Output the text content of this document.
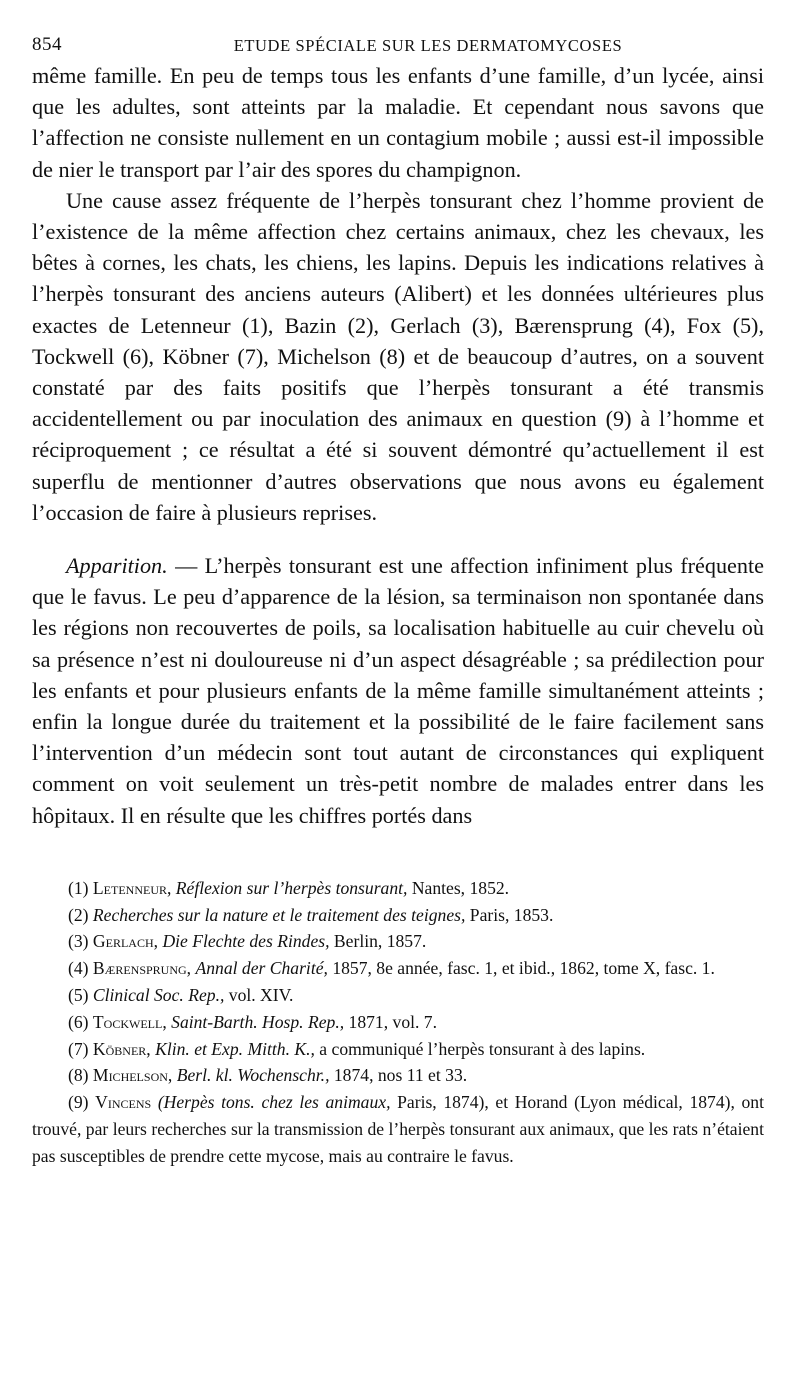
854	ETUDE SPÉCIALE SUR LES DERMATOMYCOSES

même famille. En peu de temps tous les enfants d’une famille, d’un lycée, ainsi que les adultes, sont atteints par la maladie. Et cependant nous savons que l’affection ne consiste nullement en un contagium mobile ; aussi est-il impossible de nier le transport par l’air des spores du champignon.

Une cause assez fréquente de l’herpès tonsurant chez l’homme provient de l’existence de la même affection chez certains animaux, chez les chevaux, les bêtes à cornes, les chats, les chiens, les lapins. Depuis les indications relatives à l’herpès tonsurant des anciens auteurs (Alibert) et les données ultérieures plus exactes de Letenneur (1), Bazin (2), Gerlach (3), Bærensprung (4), Fox (5), Tockwell (6), Köbner (7), Michelson (8) et de beaucoup d’autres, on a souvent constaté par des faits positifs que l’herpès tonsurant a été transmis accidentellement ou par inoculation des animaux en question (9) à l’homme et réciproquement ; ce résultat a été si souvent démontré qu’actuellement il est superflu de mentionner d’autres observations que nous avons eu également l’occasion de faire à plusieurs reprises.

Apparition. — L’herpès tonsurant est une affection infiniment plus fréquente que le favus. Le peu d’apparence de la lésion, sa terminaison non spontanée dans les régions non recouvertes de poils, sa localisation habituelle au cuir chevelu où sa présence n’est ni douloureuse ni d’un aspect désagréable ; sa prédilection pour les enfants et pour plusieurs enfants de la même famille simultanément atteints ; enfin la longue durée du traitement et la possibilité de le faire facilement sans l’intervention d’un médecin sont tout autant de circonstances qui expliquent comment on voit seulement un très-petit nombre de malades entrer dans les hôpitaux. Il en résulte que les chiffres portés dans

(1) Letenneur, Réflexion sur l’herpès tonsurant, Nantes, 1852.

(2) Recherches sur la nature et le traitement des teignes, Paris, 1853.

(3) Gerlach, Die Flechte des Rindes, Berlin, 1857.

(4) Bærensprung, Annal der Charité, 1857, 8e année, fasc. 1, et ibid., 1862, tome X, fasc. 1.

(5) Clinical Soc. Rep., vol. XIV.

(6) Tockwell, Saint-Barth. Hosp. Rep., 1871, vol. 7.

(7) Köbner, Klin. et Exp. Mitth. K., a communiqué l’herpès tonsurant à des lapins.

(8) Michelson, Berl. kl. Wochenschr., 1874, nos 11 et 33.

(9) Vincens (Herpès tons. chez les animaux, Paris, 1874), et Horand (Lyon médical, 1874), ont trouvé, par leurs recherches sur la transmission de l’herpès tonsurant aux animaux, que les rats n’étaient pas susceptibles de prendre cette mycose, mais au contraire le favus.
